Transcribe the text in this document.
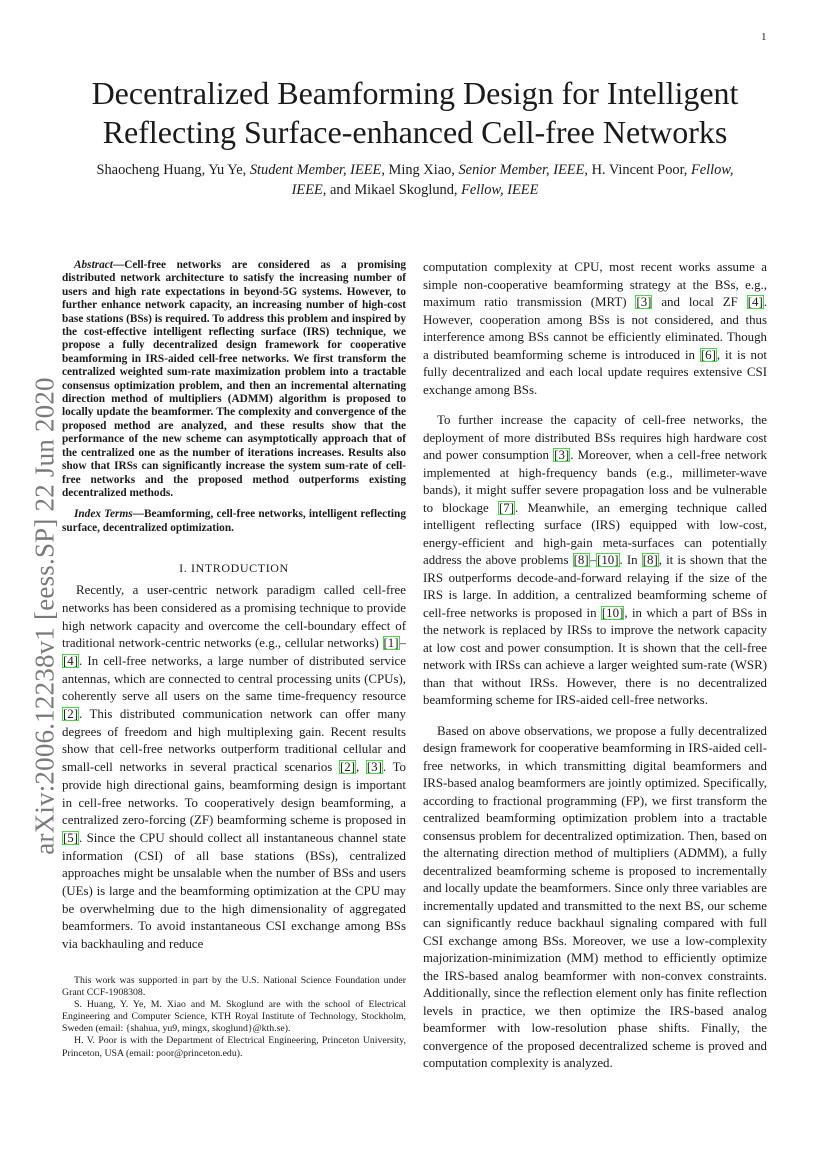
1
arXiv:2006.12238v1 [eess.SP] 22 Jun 2020
Decentralized Beamforming Design for Intelligent
Reflecting Surface-enhanced Cell-free Networks
Shaocheng Huang, Yu Ye, Student Member, IEEE, Ming Xiao, Senior Member, IEEE, H. Vincent Poor, Fellow,
IEEE, and Mikael Skoglund, Fellow, IEEE

Abstract—Cell-free networks are considered as a promising distributed network architecture to satisfy the increasing number of users and high rate expectations in beyond-5G systems. However, to further enhance network capacity, an increasing number of high-cost base stations (BSs) is required. To address this problem and inspired by the cost-effective intelligent reflecting surface (IRS) technique, we propose a fully decentralized design framework for cooperative beamforming in IRS-aided cell-free networks. We first transform the centralized weighted sum-rate maximization problem into a tractable consensus optimization problem, and then an incremental alternating direction method of multipliers (ADMM) algorithm is proposed to locally update the beamformer. The complexity and convergence of the proposed method are analyzed, and these results show that the performance of the new scheme can asymptotically approach that of the centralized one as the number of iterations increases. Results also show that IRSs can significantly increase the system sum-rate of cell-free networks and the proposed method outperforms existing decentralized methods.

Index Terms—Beamforming, cell-free networks, intelligent reflecting surface, decentralized optimization.

I. INTRODUCTION

Recently, a user-centric network paradigm called cell-free networks has been considered as a promising technique to provide high network capacity and overcome the cell-boundary effect of traditional network-centric networks (e.g., cellular networks) [1]–[4]. In cell-free networks, a large number of distributed service antennas, which are connected to central processing units (CPUs), coherently serve all users on the same time-frequency resource [2]. This distributed communication network can offer many degrees of freedom and high multiplexing gain. Recent results show that cell-free networks outperform traditional cellular and small-cell networks in several practical scenarios [2], [3]. To provide high directional gains, beamforming design is important in cell-free networks. To cooperatively design beamforming, a centralized zero-forcing (ZF) beamforming scheme is proposed in [5]. Since the CPU should collect all instantaneous channel state information (CSI) of all base stations (BSs), centralized approaches might be unsalable when the number of BSs and users (UEs) is large and the beamforming optimization at the CPU may be overwhelming due to the high dimensionality of aggregated beamformers. To avoid instantaneous CSI exchange among BSs via backhauling and reduce

This work was supported in part by the U.S. National Science Foundation under Grant CCF-1908308.

S. Huang, Y. Ye, M. Xiao and M. Skoglund are with the school of Electrical Engineering and Computer Science, KTH Royal Institute of Technology, Stockholm, Sweden (email: {shahua, yu9, mingx, skoglund}@kth.se).

H. V. Poor is with the Department of Electrical Engineering, Princeton University, Princeton, USA (email: poor@princeton.edu).

computation complexity at CPU, most recent works assume a simple non-cooperative beamforming strategy at the BSs, e.g., maximum ratio transmission (MRT) [3] and local ZF [4]. However, cooperation among BSs is not considered, and thus interference among BSs cannot be efficiently eliminated. Though a distributed beamforming scheme is introduced in [6], it is not fully decentralized and each local update requires extensive CSI exchange among BSs.

To further increase the capacity of cell-free networks, the deployment of more distributed BSs requires high hardware cost and power consumption [3]. Moreover, when a cell-free network implemented at high-frequency bands (e.g., millimeter-wave bands), it might suffer severe propagation loss and be vulnerable to blockage [7]. Meanwhile, an emerging technique called intelligent reflecting surface (IRS) equipped with low-cost, energy-efficient and high-gain meta-surfaces can potentially address the above problems [8]–[10]. In [8], it is shown that the IRS outperforms decode-and-forward relaying if the size of the IRS is large. In addition, a centralized beamforming scheme of cell-free networks is proposed in [10], in which a part of BSs in the network is replaced by IRSs to improve the network capacity at low cost and power consumption. It is shown that the cell-free network with IRSs can achieve a larger weighted sum-rate (WSR) than that without IRSs. However, there is no decentralized beamforming scheme for IRS-aided cell-free networks.

Based on above observations, we propose a fully decentralized design framework for cooperative beamforming in IRS-aided cell-free networks, in which transmitting digital beamformers and IRS-based analog beamformers are jointly optimized. Specifically, according to fractional programming (FP), we first transform the centralized beamforming optimization problem into a tractable consensus problem for decentralized optimization. Then, based on the alternating direction method of multipliers (ADMM), a fully decentralized beamforming scheme is proposed to incrementally and locally update the beamformers. Since only three variables are incrementally updated and transmitted to the next BS, our scheme can significantly reduce backhaul signaling compared with full CSI exchange among BSs. Moreover, we use a low-complexity majorization-minimization (MM) method to efficiently optimize the IRS-based analog beamformer with non-convex constraints. Additionally, since the reflection element only has finite reflection levels in practice, we then optimize the IRS-based analog beamformer with low-resolution phase shifts. Finally, the convergence of the proposed decentralized scheme is proved and computation complexity is analyzed.
